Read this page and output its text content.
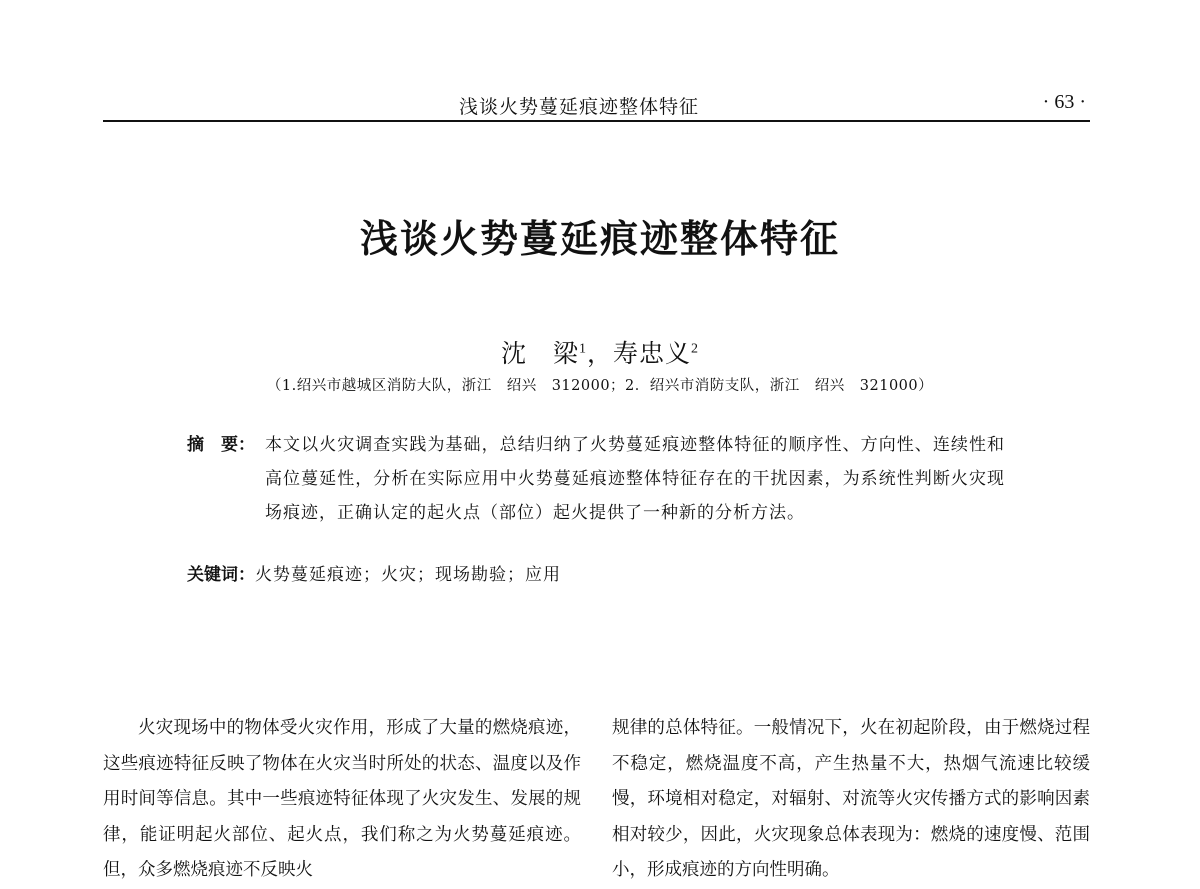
浅谈火势蔓延痕迹整体特征	· 63 ·
浅谈火势蔓延痕迹整体特征
沈　梁$^1$，寿忠义$^2$
（1.绍兴市越城区消防大队，浙江　绍兴　312000；2．绍兴市消防支队，浙江　绍兴　321000）
摘　要： 本文以火灾调查实践为基础，总结归纳了火势蔓延痕迹整体特征的顺序性、方向性、连续性和高位蔓延性，分析在实际应用中火势蔓延痕迹整体特征存在的干扰因素，为系统性判断火灾现场痕迹，正确认定的起火点（部位）起火提供了一种新的分析方法。
关键词：火势蔓延痕迹；火灾；现场勘验；应用

火灾现场中的物体受火灾作用，形成了大量的燃烧痕迹，这些痕迹特征反映了物体在火灾当时所处的状态、温度以及作用时间等信息。其中一些痕迹特征体现了火灾发生、发展的规律，能证明起火部位、起火点，我们称之为火势蔓延痕迹。但，众多燃烧痕迹不反映火

规律的总体特征。一般情况下，火在初起阶段，由于燃烧过程不稳定，燃烧温度不高，产生热量不大，热烟气流速比较缓慢，环境相对稳定，对辐射、对流等火灾传播方式的影响因素相对较少，因此，火灾现象总体表现为：燃烧的速度慢、范围小，形成痕迹的方向性明确。
